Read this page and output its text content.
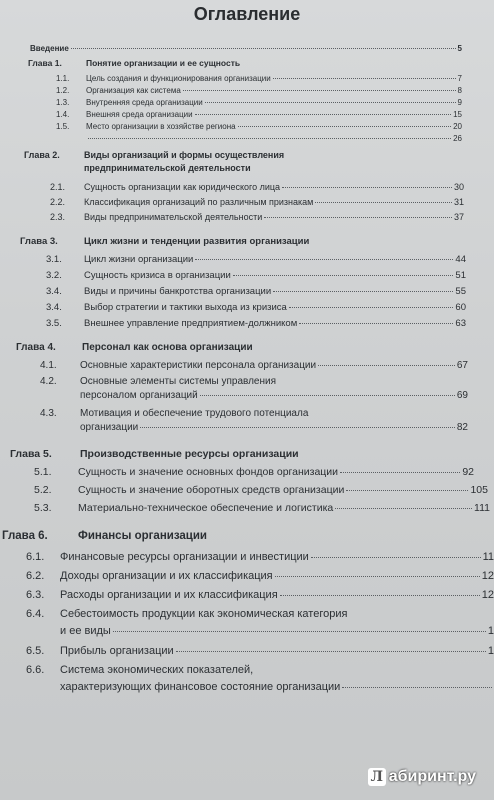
Оглавление
Введение	5
Глава 1.	Понятие организации и ее сущность
1.1.	Цель создания и функционирования организации	7
1.2.	Организация как система	8
1.3.	Внутренняя среда организации	9
1.4.	Внешняя среда организации	15
1.5.	Место организации в хозяйстве региона	20
26
Глава 2.	Виды организаций и формы осуществления
предпринимательской деятельности
2.1.	Сущность организации как юридического лица	30
2.2.	Классификация организаций по различным признакам	31
2.3.	Виды предпринимательской деятельности	37
Глава 3.	Цикл жизни и тенденции развития организации
3.1.	Цикл жизни организации	44
3.2.	Сущность кризиса в организации	51
3.4.	Виды и причины банкротства организации	55
3.4.	Выбор стратегии и тактики выхода из кризиса	60
3.5.	Внешнее управление предприятием-должником	63
Глава 4.	Персонал как основа организации
4.1.	Основные характеристики персонала организации	67
4.2.	Основные элементы системы управления
персоналом организаций	69
4.3.	Мотивация и обеспечение трудового потенциала
организации	82
Глава 5.	Производственные ресурсы организации
5.1.	Сущность и значение основных фондов организации	92
5.2.	Сущность и значение оборотных средств организации	105
5.3.	Материально-техническое обеспечение и логистика	111
Глава 6.	Финансы организации
6.1.	Финансовые ресурсы организации и инвестиции	11
6.2.	Доходы организации и их классификация	12
6.3.	Расходы организации и их классификация	12
6.4.	Себестоимость продукции как экономическая категория
и ее виды	1
6.5.	Прибыль организации	1
6.6.	Система экономических показателей,
характеризующих финансовое состояние организации
Л абиринт.ру
